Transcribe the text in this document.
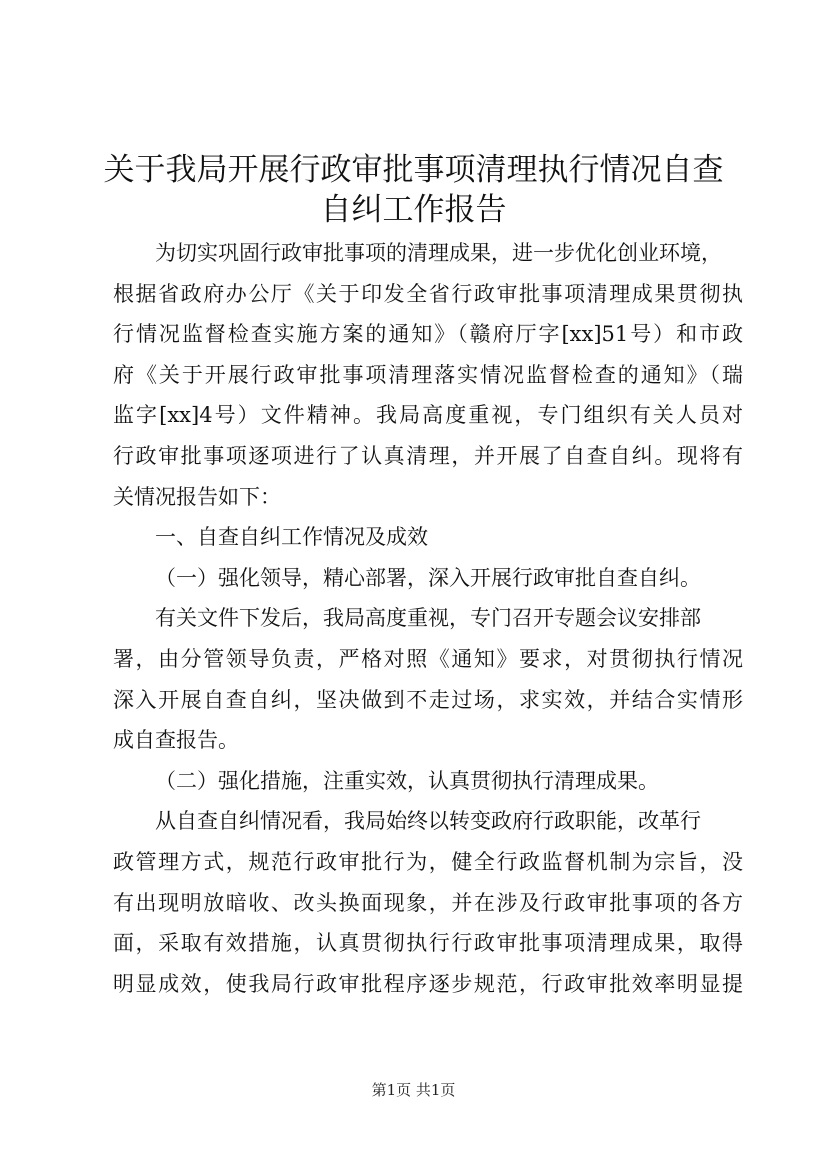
关于我局开展行政审批事项清理执行情况自查
自纠工作报告
为切实巩固行政审批事项的清理成果，进一步优化创业环境，
根据省政府办公厅《关于印发全省行政审批事项清理成果贯彻执
行情况监督检查实施方案的通知》（赣府厅字[xx]51号）和市政
府《关于开展行政审批事项清理落实情况监督检查的通知》（瑞
监字[xx]4号）文件精神。我局高度重视，专门组织有关人员对
行政审批事项逐项进行了认真清理，并开展了自查自纠。现将有
关情况报告如下：
一、自查自纠工作情况及成效
（一）强化领导，精心部署，深入开展行政审批自查自纠。
有关文件下发后，我局高度重视，专门召开专题会议安排部
署，由分管领导负责，严格对照《通知》要求，对贯彻执行情况
深入开展自查自纠，坚决做到不走过场，求实效，并结合实情形
成自查报告。
（二）强化措施，注重实效，认真贯彻执行清理成果。
从自查自纠情况看，我局始终以转变政府行政职能，改革行
政管理方式，规范行政审批行为，健全行政监督机制为宗旨，没
有出现明放暗收、改头换面现象，并在涉及行政审批事项的各方
面，采取有效措施，认真贯彻执行行政审批事项清理成果，取得
明显成效，使我局行政审批程序逐步规范，行政审批效率明显提
第1页 共1页
